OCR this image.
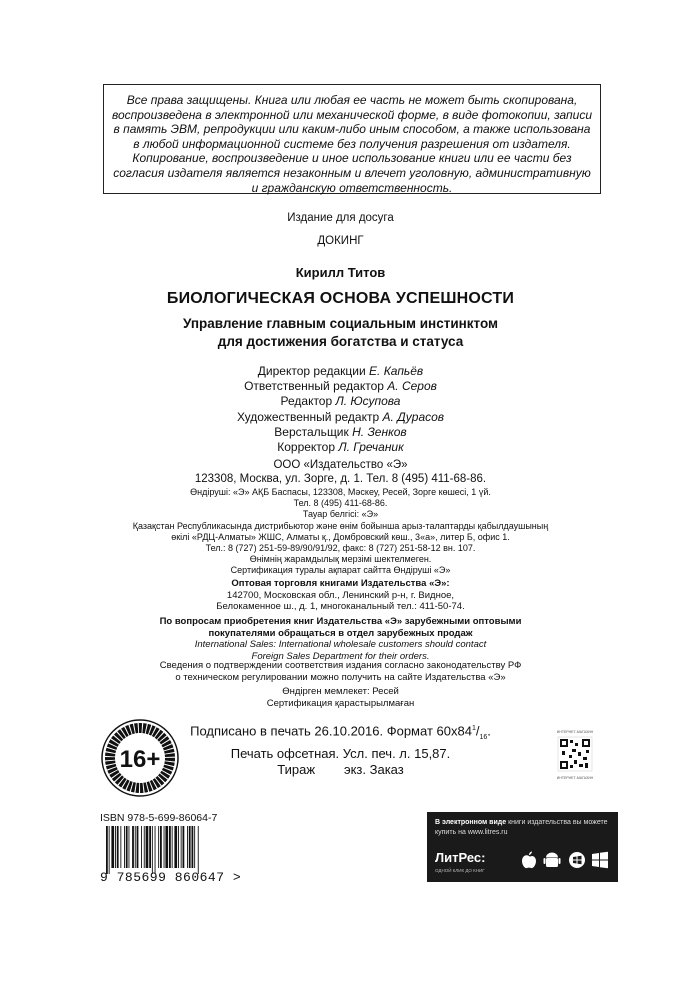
Все права защищены. Книга или любая ее часть не может быть скопирована, воспроизведена в электронной или механической форме, в виде фотокопии, записи в память ЭВМ, репродукции или каким-либо иным способом, а также использована в любой информационной системе без получения разрешения от издателя. Копирование, воспроизведение и иное использование книги или ее части без согласия издателя является незаконным и влечет уголовную, административную и гражданскую ответственность.
Издание для досуга
ДОКИНГ
Кирилл Титов
БИОЛОГИЧЕСКАЯ ОСНОВА УСПЕШНОСТИ
Управление главным социальным инстинктом
для достижения богатства и статуса
Директор редакции Е. Капьёв
Ответственный редактор А. Серов
Редактор Л. Юсупова
Художественный редактр А. Дурасов
Верстальщик Н. Зенков
Корректор Л. Гречаник
ООО «Издательство «Э»
123308, Москва, ул. Зорге, д. 1. Тел. 8 (495) 411-68-86.
Өндіруші: «Э» АҚБ Баспасы, 123308, Мәскеу, Ресей, Зорге көшесі, 1 үй.
Тел. 8 (495) 411-68-86.
Тауар белгісі: «Э»
Қазақстан Республикасында дистрибьютор және өнім бойынша арыз-талаптарды қабылдаушының
өкілі «РДЦ-Алматы» ЖШС, Алматы қ., Домбровский көш., 3«а», литер Б, офис 1.
Тел.: 8 (727) 251-59-89/90/91/92, факс: 8 (727) 251-58-12 вн. 107.
Өнімнің жарамдылық мерзімі шектелмеген.
Сертификация туралы ақпарат сайтта Өндіруші «Э»
Оптовая торговля книгами Издательства «Э»:
142700, Московская обл., Ленинский р-н, г. Видное,
Белокаменное ш., д. 1, многоканальный тел.: 411-50-74.
По вопросам приобретения книг Издательства «Э» зарубежными оптовыми
покупателями обращаться в отдел зарубежных продаж
International Sales: International wholesale customers should contact
Foreign Sales Department for their orders.
Сведения о подтверждении соответствия издания согласно законодательству РФ
о техническом регулировании можно получить на сайте Издательства «Э»
Өндірген мемлекет: Ресей
Сертификация қарастырылмаған
Подписано в печать 26.10.2016. Формат $60х84^1/_{16}$.
Печать офсетная. Усл. печ. л. 15,87.
Тираж        экз. Заказ
16+
ИНТЕРНЕТ-МАГАЗИН
ИНТЕРНЕТ-МАГАЗИН
ISBN 978-5-699-86064-7
9 785699 860647 >
В электронном виде книги издательства вы можете
купить на www.litres.ru
ЛитРес:
ОДНОЙ КЛИК ДО КНИГ
